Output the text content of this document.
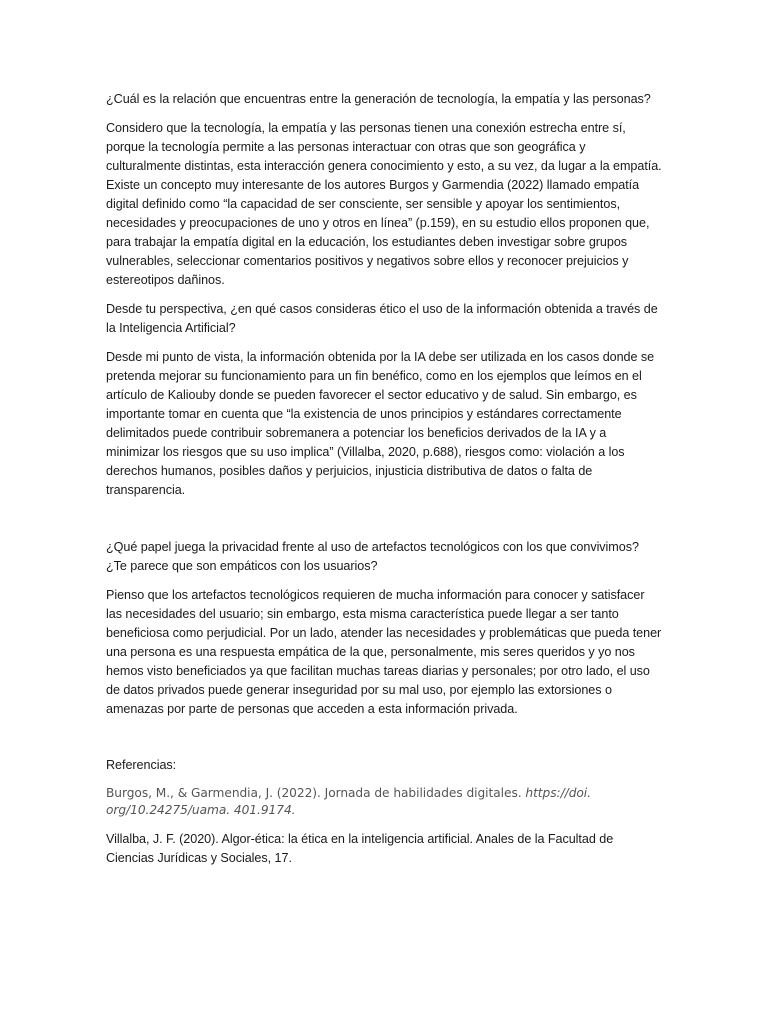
¿Cuál es la relación que encuentras entre la generación de tecnología, la empatía y las personas?

Considero que la tecnología, la empatía y las personas tienen una conexión estrecha entre sí, porque la tecnología permite a las personas interactuar con otras que son geográfica y culturalmente distintas, esta interacción genera conocimiento y esto, a su vez, da lugar a la empatía. Existe un concepto muy interesante de los autores Burgos y Garmendia (2022) llamado empatía digital definido como “la capacidad de ser consciente, ser sensible y apoyar los sentimientos, necesidades y preocupaciones de uno y otros en línea” (p.159), en su estudio ellos proponen que, para trabajar la empatía digital en la educación, los estudiantes deben investigar sobre grupos vulnerables, seleccionar comentarios positivos y negativos sobre ellos y reconocer prejuicios y estereotipos dañinos.

Desde tu perspectiva, ¿en qué casos consideras ético el uso de la información obtenida a través de la Inteligencia Artificial?

Desde mi punto de vista, la información obtenida por la IA debe ser utilizada en los casos donde se pretenda mejorar su funcionamiento para un fin benéfico, como en los ejemplos que leímos en el artículo de Kaliouby donde se pueden favorecer el sector educativo y de salud. Sin embargo, es importante tomar en cuenta que “la existencia de unos principios y estándares correctamente delimitados puede contribuir sobremanera a potenciar los beneficios derivados de la IA y a minimizar los riesgos que su uso implica” (Villalba, 2020, p.688), riesgos como: violación a los derechos humanos, posibles daños y perjuicios, injusticia distributiva de datos o falta de transparencia.

¿Qué papel juega la privacidad frente al uso de artefactos tecnológicos con los que convivimos? ¿Te parece que son empáticos con los usuarios?

Pienso que los artefactos tecnológicos requieren de mucha información para conocer y satisfacer las necesidades del usuario; sin embargo, esta misma característica puede llegar a ser tanto beneficiosa como perjudicial. Por un lado, atender las necesidades y problemáticas que pueda tener una persona es una respuesta empática de la que, personalmente, mis seres queridos y yo nos hemos visto beneficiados ya que facilitan muchas tareas diarias y personales; por otro lado, el uso de datos privados puede generar inseguridad por su mal uso, por ejemplo las extorsiones o amenazas por parte de personas que acceden a esta información privada.

Referencias:

Burgos, M., & Garmendia, J. (2022). Jornada de habilidades digitales. https://doi. org/10.24275/uama. 401.9174.

Villalba, J. F. (2020). Algor-ética: la ética en la inteligencia artificial. Anales de la Facultad de Ciencias Jurídicas y Sociales, 17.
